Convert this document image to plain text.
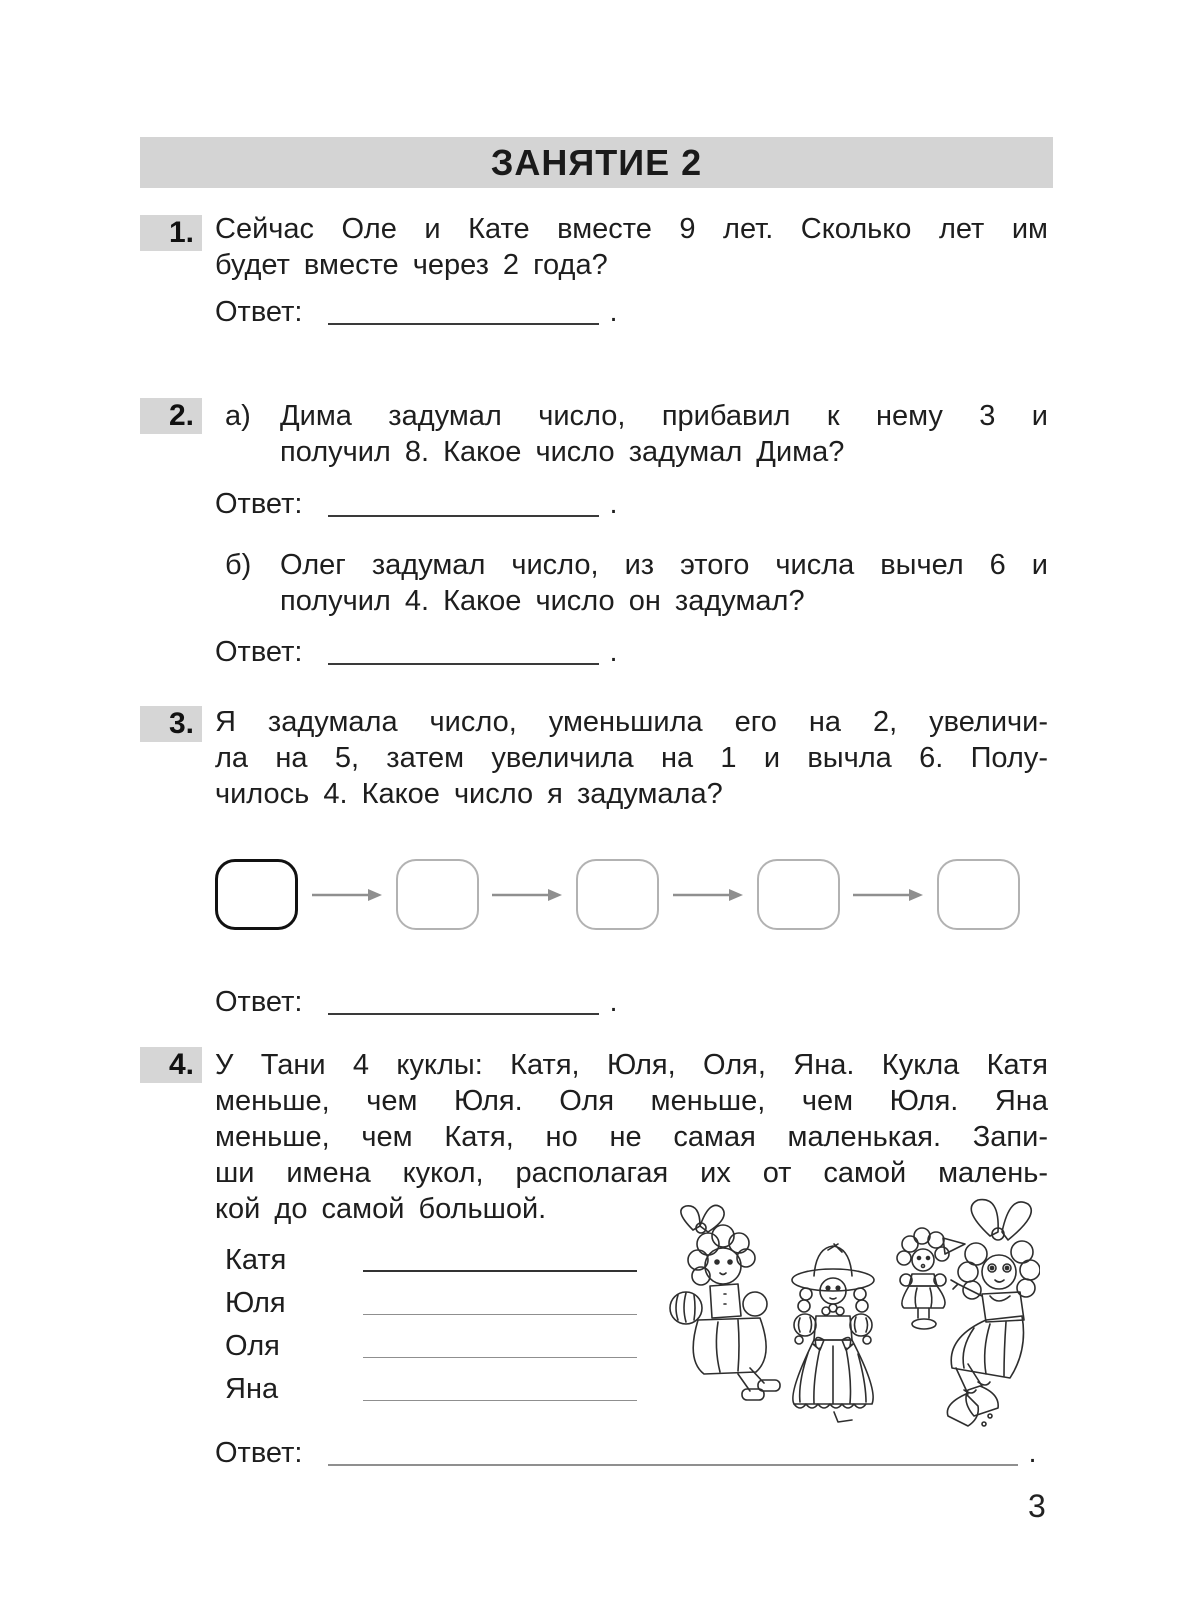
ЗАНЯТИЕ 2
1. Сейчас Оле и Кате вместе 9 лет. Сколько лет им
будет вместе через 2 года?
Ответ:	.
2. а) Дима задумал число, прибавил к нему 3 и
получил 8. Какое число задумал Дима?
Ответ:	.
б) Олег задумал число, из этого числа вычел 6 и
получил 4. Какое число он задумал?
Ответ:	.
3. Я задумала число, уменьшила его на 2, увеличи-
ла на 5, затем увеличила на 1 и вычла 6. Полу-
чилось 4. Какое число я задумала?
Ответ:	.
4. У Тани 4 куклы: Катя, Юля, Оля, Яна. Кукла Катя
меньше, чем Юля. Оля меньше, чем Юля. Яна
меньше, чем Катя, но не самая маленькая. Запи-
ши имена кукол, располагая их от самой малень-
кой до самой большой.
Катя
Юля
Оля
Яна
Ответ:	.
3
